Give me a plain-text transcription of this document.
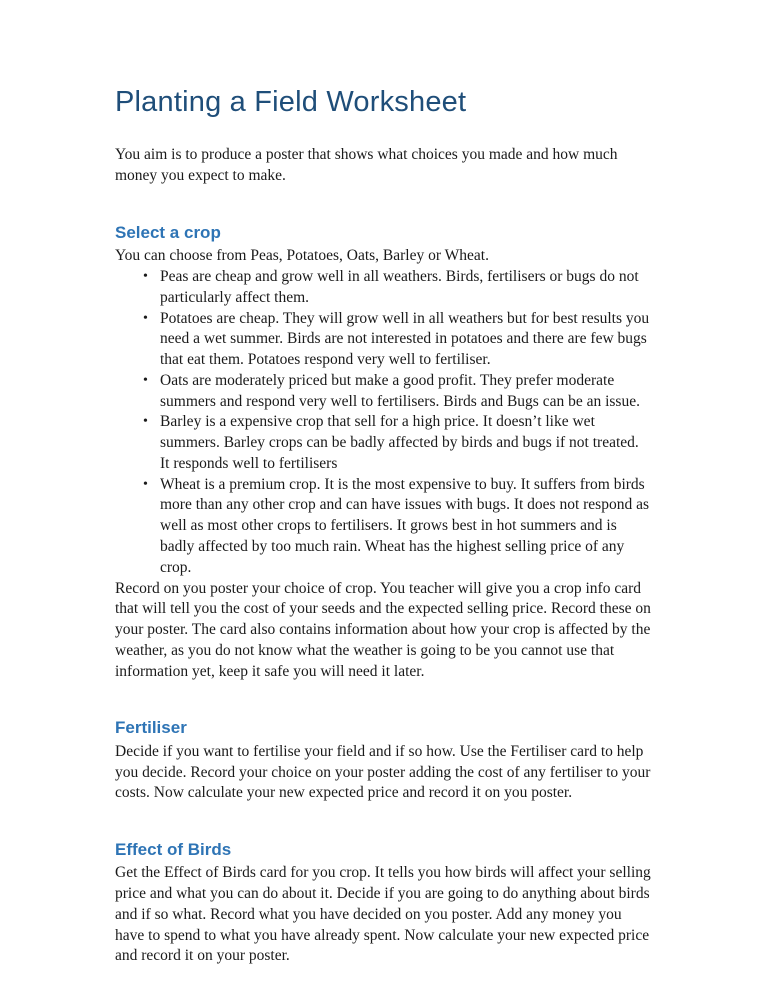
Planting a Field Worksheet

You aim is to produce a poster that shows what choices you made and how much money you expect to make.

Select a crop

You can choose from Peas, Potatoes, Oats, Barley or Wheat.

• Peas are cheap and grow well in all weathers. Birds, fertilisers or bugs do not particularly affect them.
• Potatoes are cheap. They will grow well in all weathers but for best results you need a wet summer. Birds are not interested in potatoes and there are few bugs that eat them. Potatoes respond very well to fertiliser.
• Oats are moderately priced but make a good profit. They prefer moderate summers and respond very well to fertilisers. Birds and Bugs can be an issue.
• Barley is a expensive crop that sell for a high price. It doesn’t like wet summers. Barley crops can be badly affected by birds and bugs if not treated. It responds well to fertilisers
• Wheat is a premium crop. It is the most expensive to buy. It suffers from birds more than any other crop and can have issues with bugs. It does not respond as well as most other crops to fertilisers. It grows best in hot summers and is badly affected by too much rain. Wheat has the highest selling price of any crop.

Record on you poster your choice of crop. You teacher will give you a crop info card that will tell you the cost of your seeds and the expected selling price. Record these on your poster. The card also contains information about how your crop is affected by the weather, as you do not know what the weather is going to be you cannot use that information yet, keep it safe you will need it later.

Fertiliser

Decide if you want to fertilise your field and if so how. Use the Fertiliser card to help you decide. Record your choice on your poster adding the cost of any fertiliser to your costs. Now calculate your new expected price and record it on you poster.

Effect of Birds

Get the Effect of Birds card for you crop. It tells you how birds will affect your selling price and what you can do about it. Decide if you are going to do anything about birds and if so what. Record what you have decided on you poster. Add any money you have to spend to what you have already spent. Now calculate your new expected price and record it on your poster.
